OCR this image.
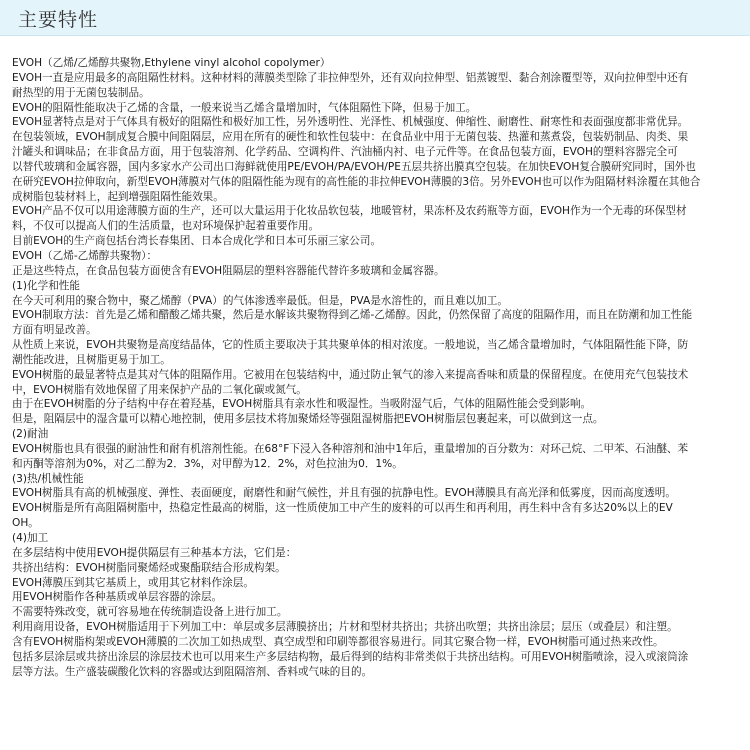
主要特性
EVOH（乙烯/乙烯醇共聚物,Ethylene vinyl alcohol copolymer）
EVOH一直是应用最多的高阻隔性材料。这种材料的薄膜类型除了非拉伸型外，还有双向拉伸型、铝蒸镀型、黏合剂涂覆型等，双向拉伸型中还有
耐热型的用于无菌包装制品。
EVOH的阻隔性能取决于乙烯的含量，一般来说当乙烯含量增加时，气体阻隔性下降，但易于加工。
EVOH显著特点是对于气体具有极好的阻隔性和极好加工性，另外透明性、光泽性、机械强度、伸缩性、耐磨性、耐寒性和表面强度都非常优异。
在包装领域，EVOH制成复合膜中间阻隔层，应用在所有的硬性和软性包装中：在食品业中用于无菌包装、热灌和蒸煮袋，包装奶制品、肉类、果
汁罐头和调味品；在非食品方面，用于包装溶剂、化学药品、空调构件、汽油桶内衬、电子元件等。在食品包装方面，EVOH的塑料容器完全可
以替代玻璃和金属容器，国内多家水产公司出口海鲜就使用PE/EVOH/PA/EVOH/PE五层共挤出膜真空包装。在加快EVOH复合膜研究同时，国外也
在研究EVOH拉伸取向，新型EVOH薄膜对气体的阻隔性能为现有的高性能的非拉伸EVOH薄膜的3倍。另外EVOH也可以作为阻隔材料涂覆在其他合
成树脂包装材料上，起到增强阻隔性能效果。
EVOH产品不仅可以用途薄膜方面的生产，还可以大量运用于化妆品软包装，地暖管材，果冻杯及农药瓶等方面，EVOH作为一个无毒的环保型材
料，不仅可以提高人们的生活质量，也对环境保护起着重要作用。
目前EVOH的生产商包括台湾长春集团、日本合成化学和日本可乐丽三家公司。
EVOH（乙烯-乙烯醇共聚物）：
正是这些特点，在食品包装方面使含有EVOH阻隔层的塑料容器能代替许多玻璃和金属容器。
(1)化学和性能
在今天可利用的聚合物中，聚乙烯醇（PVA）的气体渗透率最低。但是，PVA是水溶性的，而且难以加工。
EVOH制取方法：首先是乙烯和醋酸乙烯共聚，然后是水解该共聚物得到乙烯-乙烯醇。因此，仍然保留了高度的阻隔作用，而且在防潮和加工性能
方面有明显改善。
从性质上来说，EVOH共聚物是高度结晶体，它的性质主要取决于其共聚单体的相对浓度。一般地说，当乙烯含量增加时，气体阻隔性能下降，防
潮性能改进，且树脂更易于加工。
EVOH树脂的最显著特点是其对气体的阻隔作用。它被用在包装结构中，通过防止氧气的渗入来提高香味和质量的保留程度。在使用充气包装技术
中，EVOH树脂有效地保留了用来保护产品的二氧化碳或氮气。
由于在EVOH树脂的分子结构中存在着羟基，EVOH树脂具有亲水性和吸湿性。当吸附湿气后，气体的阻隔性能会受到影响。
但是，阻隔层中的湿含量可以精心地控制，使用多层技术将加聚烯烃等强阻湿树脂把EVOH树脂层包裹起来，可以做到这一点。
(2)耐油
EVOH树脂也具有很强的耐油性和耐有机溶剂性能。在68°F下浸入各种溶剂和油中1年后，重量增加的百分数为：对环己烷、二甲苯、石油醚、苯
和丙酮等溶剂为0%，对乙二醇为2．3%，对甲醇为12．2%，对色拉油为0．1%。
(3)热/机械性能
EVOH树脂具有高的机械强度、弹性、表面硬度，耐磨性和耐气候性，并且有强的抗静电性。EVOH薄膜具有高光泽和低雾度，因而高度透明。
EVOH树脂是所有高阻隔树脂中，热稳定性最高的树脂，这一性质使加工中产生的废料的可以再生和再利用，再生料中含有多达20%以上的EV
OH。
(4)加工
在多层结构中使用EVOH提供隔层有三种基本方法，它们是：
共挤出结构：EVOH树脂同聚烯烃或聚酯联结合形成构架。
EVOH薄膜压到其它基质上，或用其它材料作涂层。
用EVOH树脂作各种基质或单层容器的涂层。
不需要特殊改变，就可容易地在传统制造设备上进行加工。
利用商用设备，EVOH树脂适用于下列加工中：单层或多层薄膜挤出；片材和型材共挤出；共挤出吹塑；共挤出涂层；层压（或叠层）和注塑。
含有EVOH树脂构架或EVOH薄膜的二次加工如热成型、真空成型和印刷等都很容易进行。同其它聚合物一样，EVOH树脂可通过热来改性。
包括多层涂层或共挤出涂层的涂层技术也可以用来生产多层结构物，最后得到的结构非常类似于共挤出结构。可用EVOH树脂喷涂，浸入或滚筒涂
层等方法。生产盛装碳酸化饮料的容器或达到阻隔溶剂、香料或气味的目的。
